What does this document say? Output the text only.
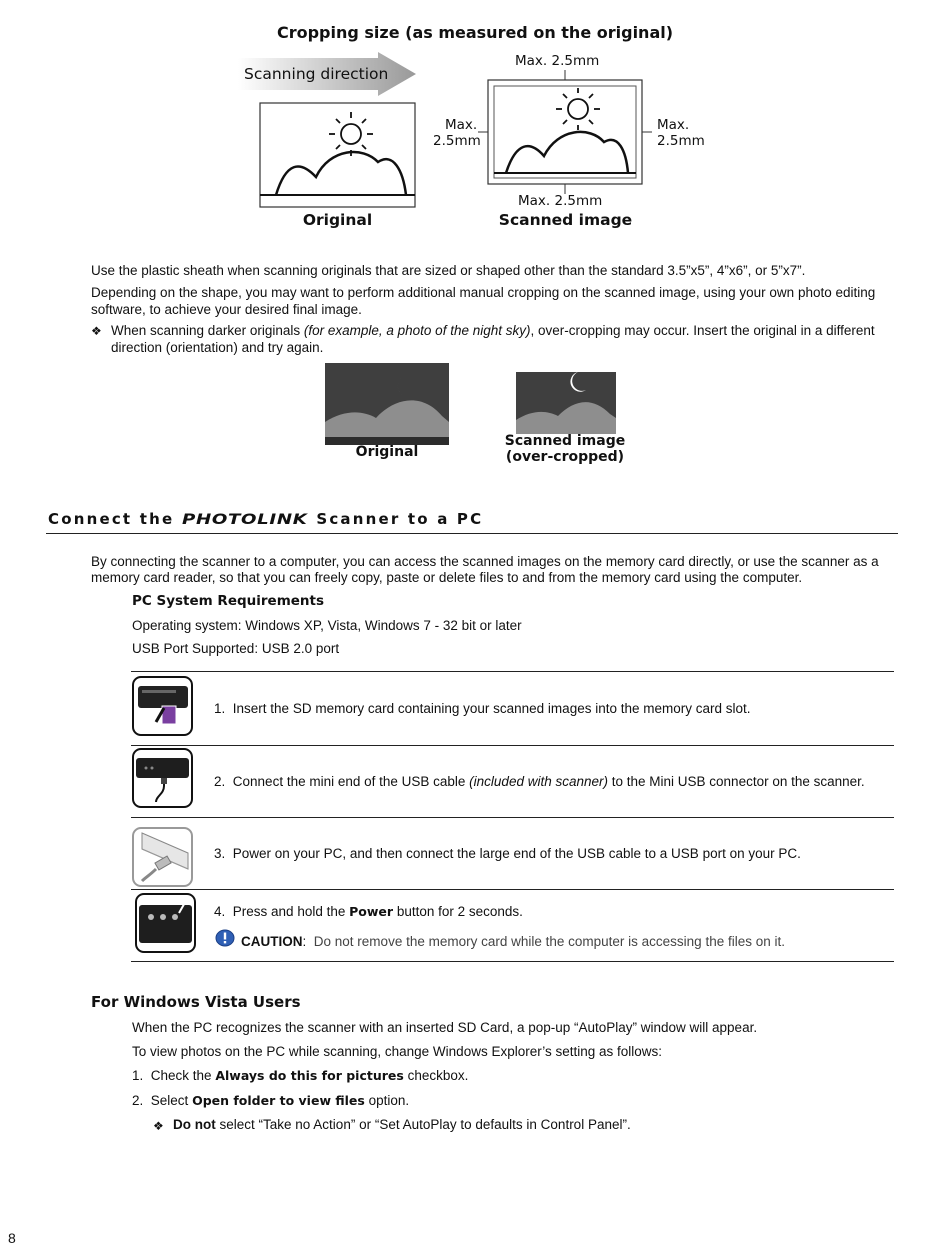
Cropping size (as measured on the original)
Scanning direction
Max. 2.5mm
Max.
2.5mm
Max.
2.5mm
Max. 2.5mm
Original	Scanned image

Use the plastic sheath when scanning originals that are sized or shaped other than the standard 3.5”x5”, 4”x6”, or 5”x7”.

Depending on the shape, you may want to perform additional manual cropping on the scanned image, using your own photo editing software, to achieve your desired final image.

❖ When scanning darker originals (for example, a photo of the night sky), over-cropping may occur. Insert the original in a different

direction (orientation) and try again.

Original
Scanned image
(over-cropped)
Connect the PHOTOLINK Scanner to a PC

By connecting the scanner to a computer, you can access the scanned images on the memory card directly, or use the scanner as a

memory card reader, so that you can freely copy, paste or delete files to and from the memory card using the computer.

PC System Requirements
Operating system: Windows XP, Vista, Windows 7 - 32 bit or later
USB Port Supported: USB 2.0 port
1. Insert the SD memory card containing your scanned images into the memory card slot.
2. Connect the mini end of the USB cable (included with scanner) to the Mini USB connector on the scanner.
3. Power on your PC, and then connect the large end of the USB cable to a USB port on your PC.
4. Press and hold the Power button for 2 seconds.
CAUTION: Do not remove the memory card while the computer is accessing the files on it.
For Windows Vista Users
When the PC recognizes the scanner with an inserted SD Card, a pop-up “AutoPlay” window will appear.
To view photos on the PC while scanning, change Windows Explorer’s setting as follows:
1. Check the Always do this for pictures checkbox.
2. Select Open folder to view files option.
❖ Do not select “Take no Action” or “Set AutoPlay to defaults in Control Panel”.
8
